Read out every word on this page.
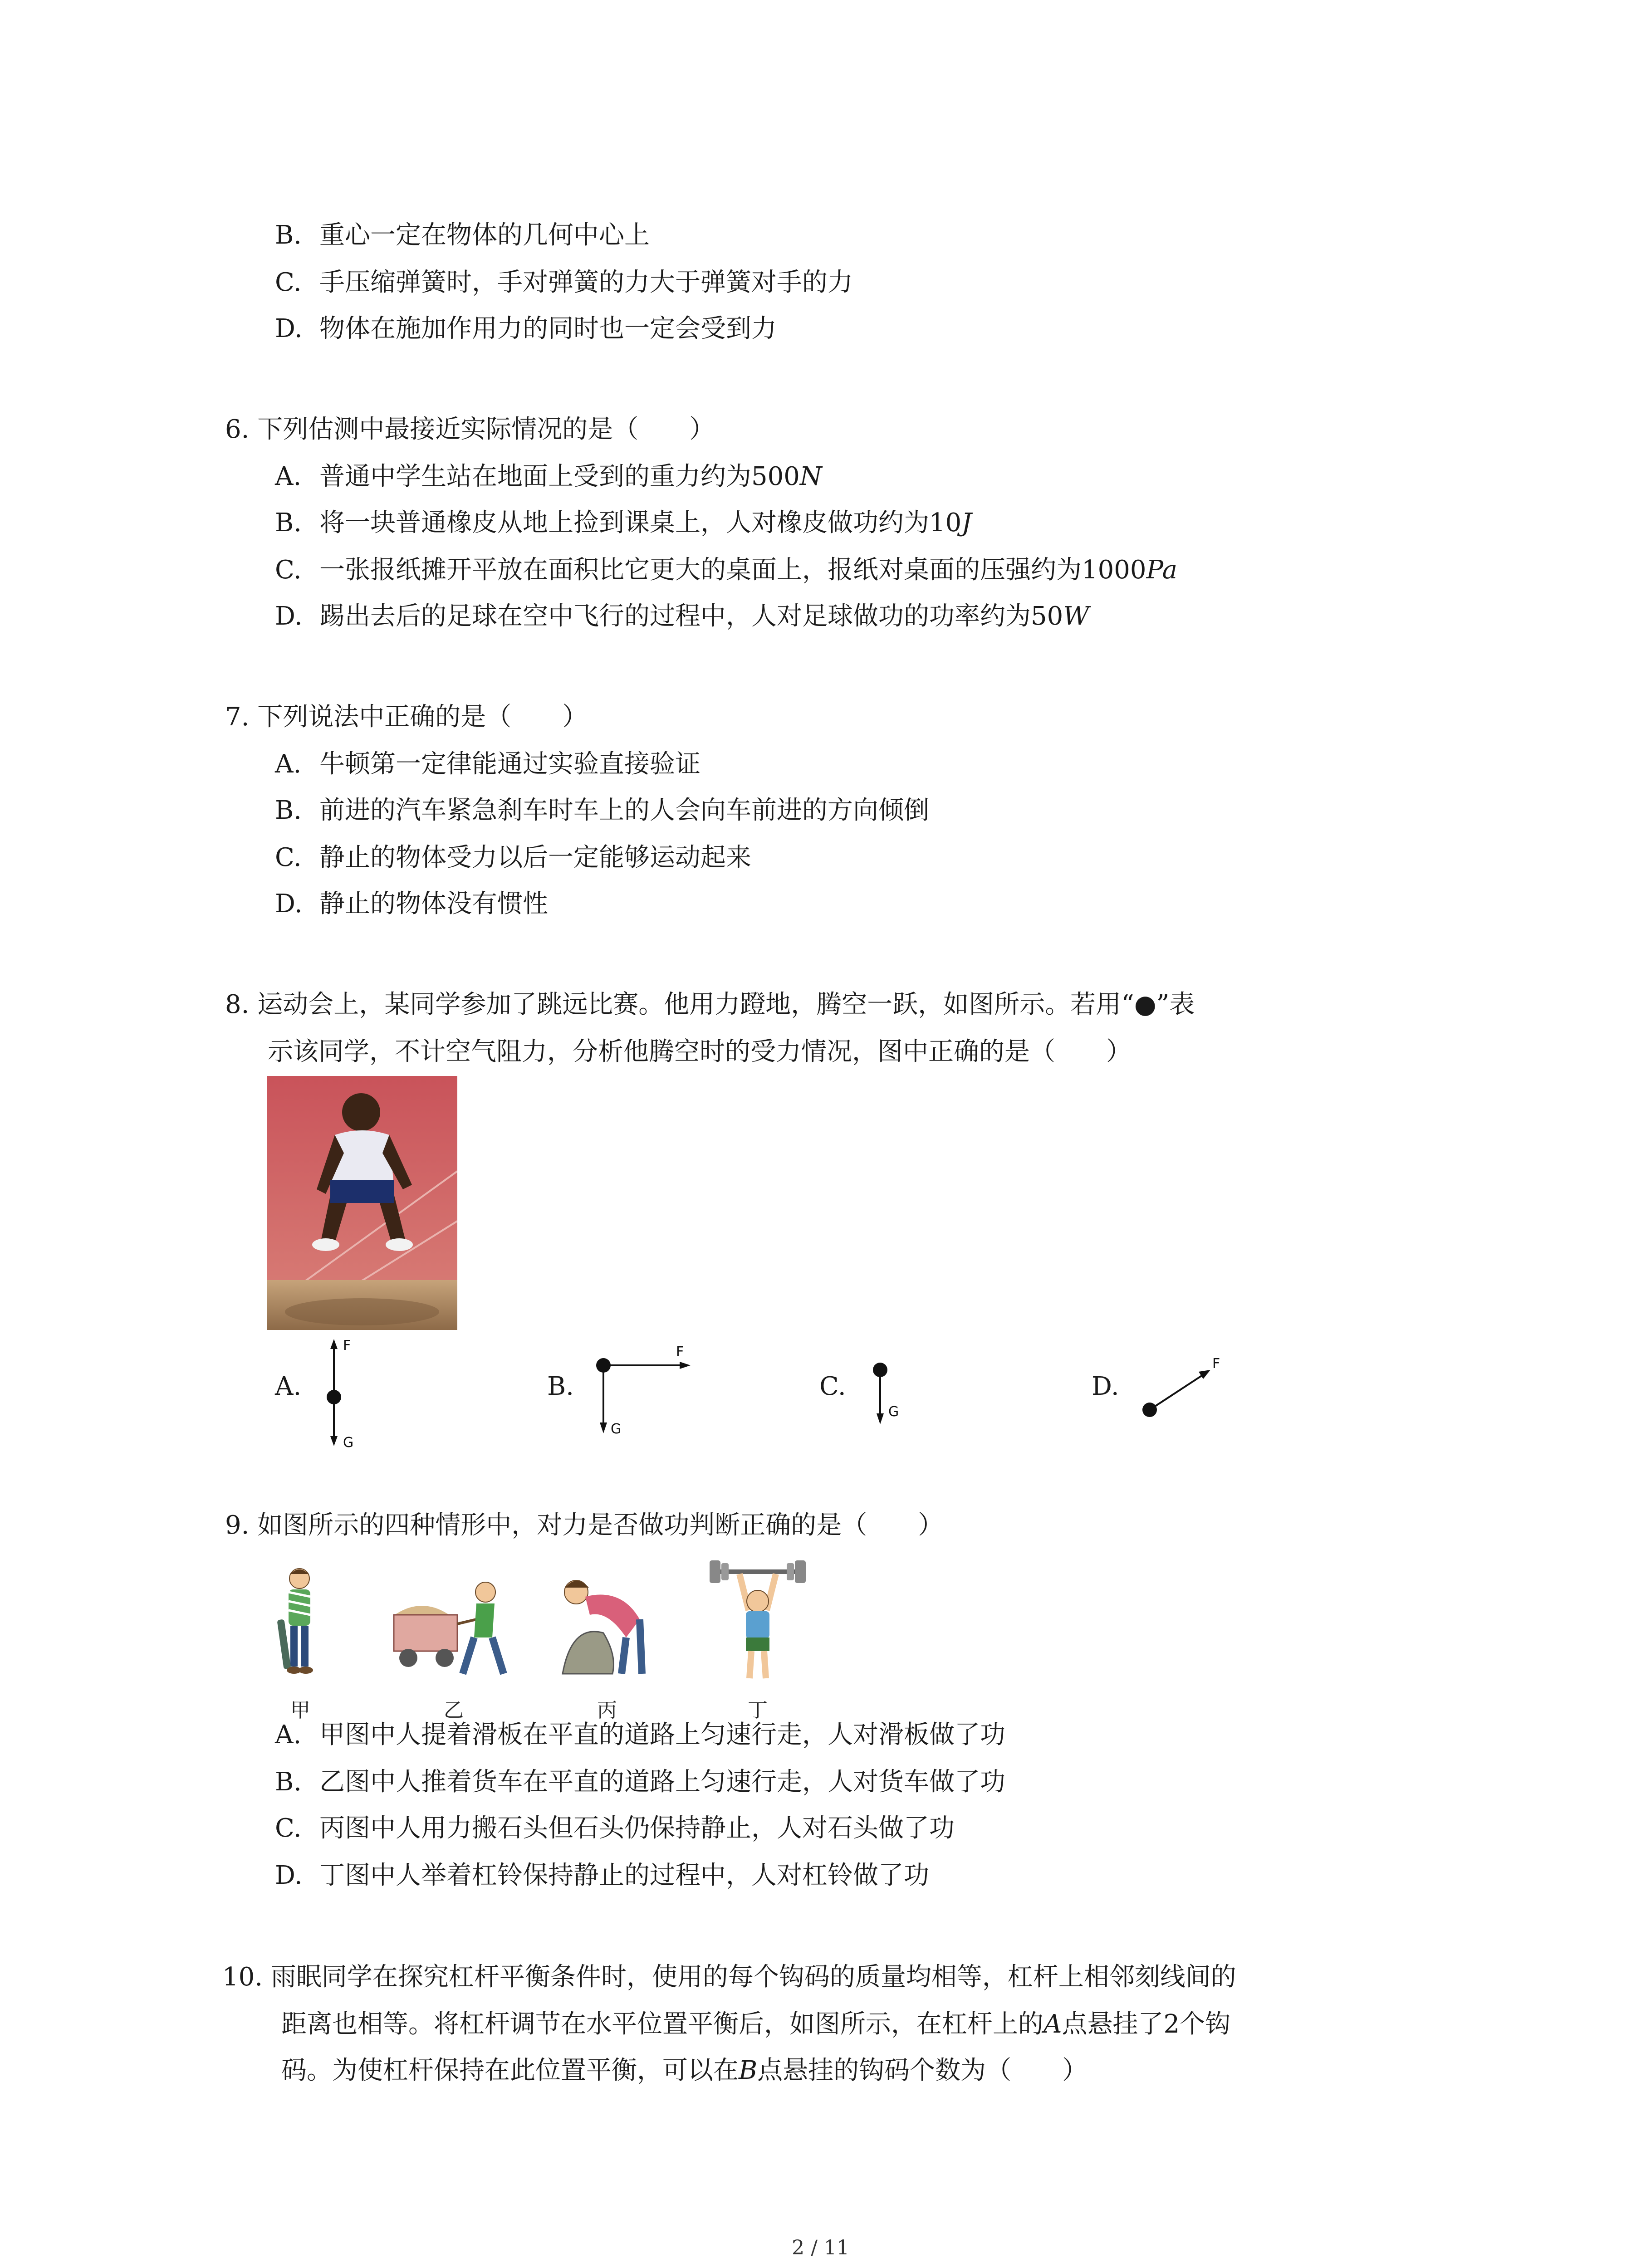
B. 重心一定在物体的几何中心上
C. 手压缩弹簧时，手对弹簧的力大于弹簧对手的力
D. 物体在施加作用力的同时也一定会受到力
6. 下列估测中最接近实际情况的是（　　）
A. 普通中学生站在地面上受到的重力约为500N
B. 将一块普通橡皮从地上捡到课桌上，人对橡皮做功约为10J
C. 一张报纸摊开平放在面积比它更大的桌面上，报纸对桌面的压强约为1000Pa
D. 踢出去后的足球在空中飞行的过程中，人对足球做功的功率约为50W
7. 下列说法中正确的是（　　）
A. 牛顿第一定律能通过实验直接验证
B. 前进的汽车紧急刹车时车上的人会向车前进的方向倾倒
C. 静止的物体受力以后一定能够运动起来
D. 静止的物体没有惯性
8. 运动会上，某同学参加了跳远比赛。他用力蹬地，腾空一跃，如图所示。若用“●”表
示该同学，不计空气阻力，分析他腾空时的受力情况，图中正确的是（　　）
A.
F
G
B.
F
G
C.
G
D.
F
9. 如图所示的四种情形中，对力是否做功判断正确的是（　　）
甲	乙	丙	丁
A. 甲图中人提着滑板在平直的道路上匀速行走，人对滑板做了功
B. 乙图中人推着货车在平直的道路上匀速行走，人对货车做了功
C. 丙图中人用力搬石头但石头仍保持静止，人对石头做了功
D. 丁图中人举着杠铃保持静止的过程中，人对杠铃做了功
10. 雨眠同学在探究杠杆平衡条件时，使用的每个钩码的质量均相等，杠杆上相邻刻线间的
距离也相等。将杠杆调节在水平位置平衡后，如图所示，在杠杆上的A点悬挂了2个钩
码。为使杠杆保持在此位置平衡，可以在B点悬挂的钩码个数为（　　）
2 / 11
